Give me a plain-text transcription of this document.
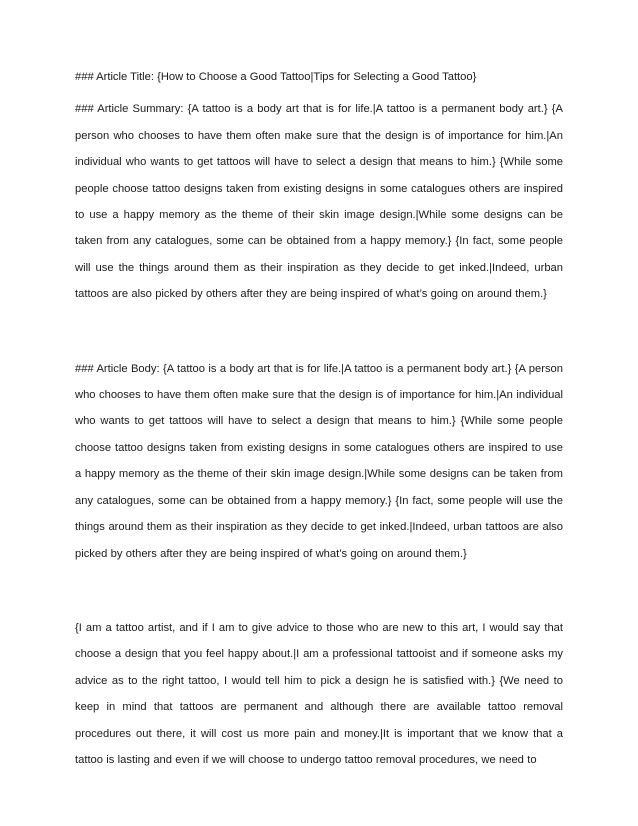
### Article Title: {How to Choose a Good Tattoo|Tips for Selecting a Good Tattoo}

### Article Summary: {A tattoo is a body art that is for life.|A tattoo is a permanent body art.} {A person who chooses to have them often make sure that the design is of importance for him.|An individual who wants to get tattoos will have to select a design that means to him.} {While some people choose tattoo designs taken from existing designs in some catalogues others are inspired to use a happy memory as the theme of their skin image design.|While some designs can be taken from any catalogues, some can be obtained from a happy memory.} {In fact, some people will use the things around them as their inspiration as they decide to get inked.|Indeed, urban tattoos are also picked by others after they are being inspired of what’s going on around them.}

### Article Body: {A tattoo is a body art that is for life.|A tattoo is a permanent body art.} {A person who chooses to have them often make sure that the design is of importance for him.|An individual who wants to get tattoos will have to select a design that means to him.} {While some people choose tattoo designs taken from existing designs in some catalogues others are inspired to use a happy memory as the theme of their skin image design.|While some designs can be taken from any catalogues, some can be obtained from a happy memory.} {In fact, some people will use the things around them as their inspiration as they decide to get inked.|Indeed, urban tattoos are also picked by others after they are being inspired of what’s going on around them.}

{I am a tattoo artist, and if I am to give advice to those who are new to this art, I would say that choose a design that you feel happy about.|I am a professional tattooist and if someone asks my advice as to the right tattoo, I would tell him to pick a design he is satisfied with.} {We need to keep in mind that tattoos are permanent and although there are available tattoo removal procedures out there, it will cost us more pain and money.|It is important that we know that a tattoo is lasting and even if we will choose to undergo tattoo removal procedures, we need to
